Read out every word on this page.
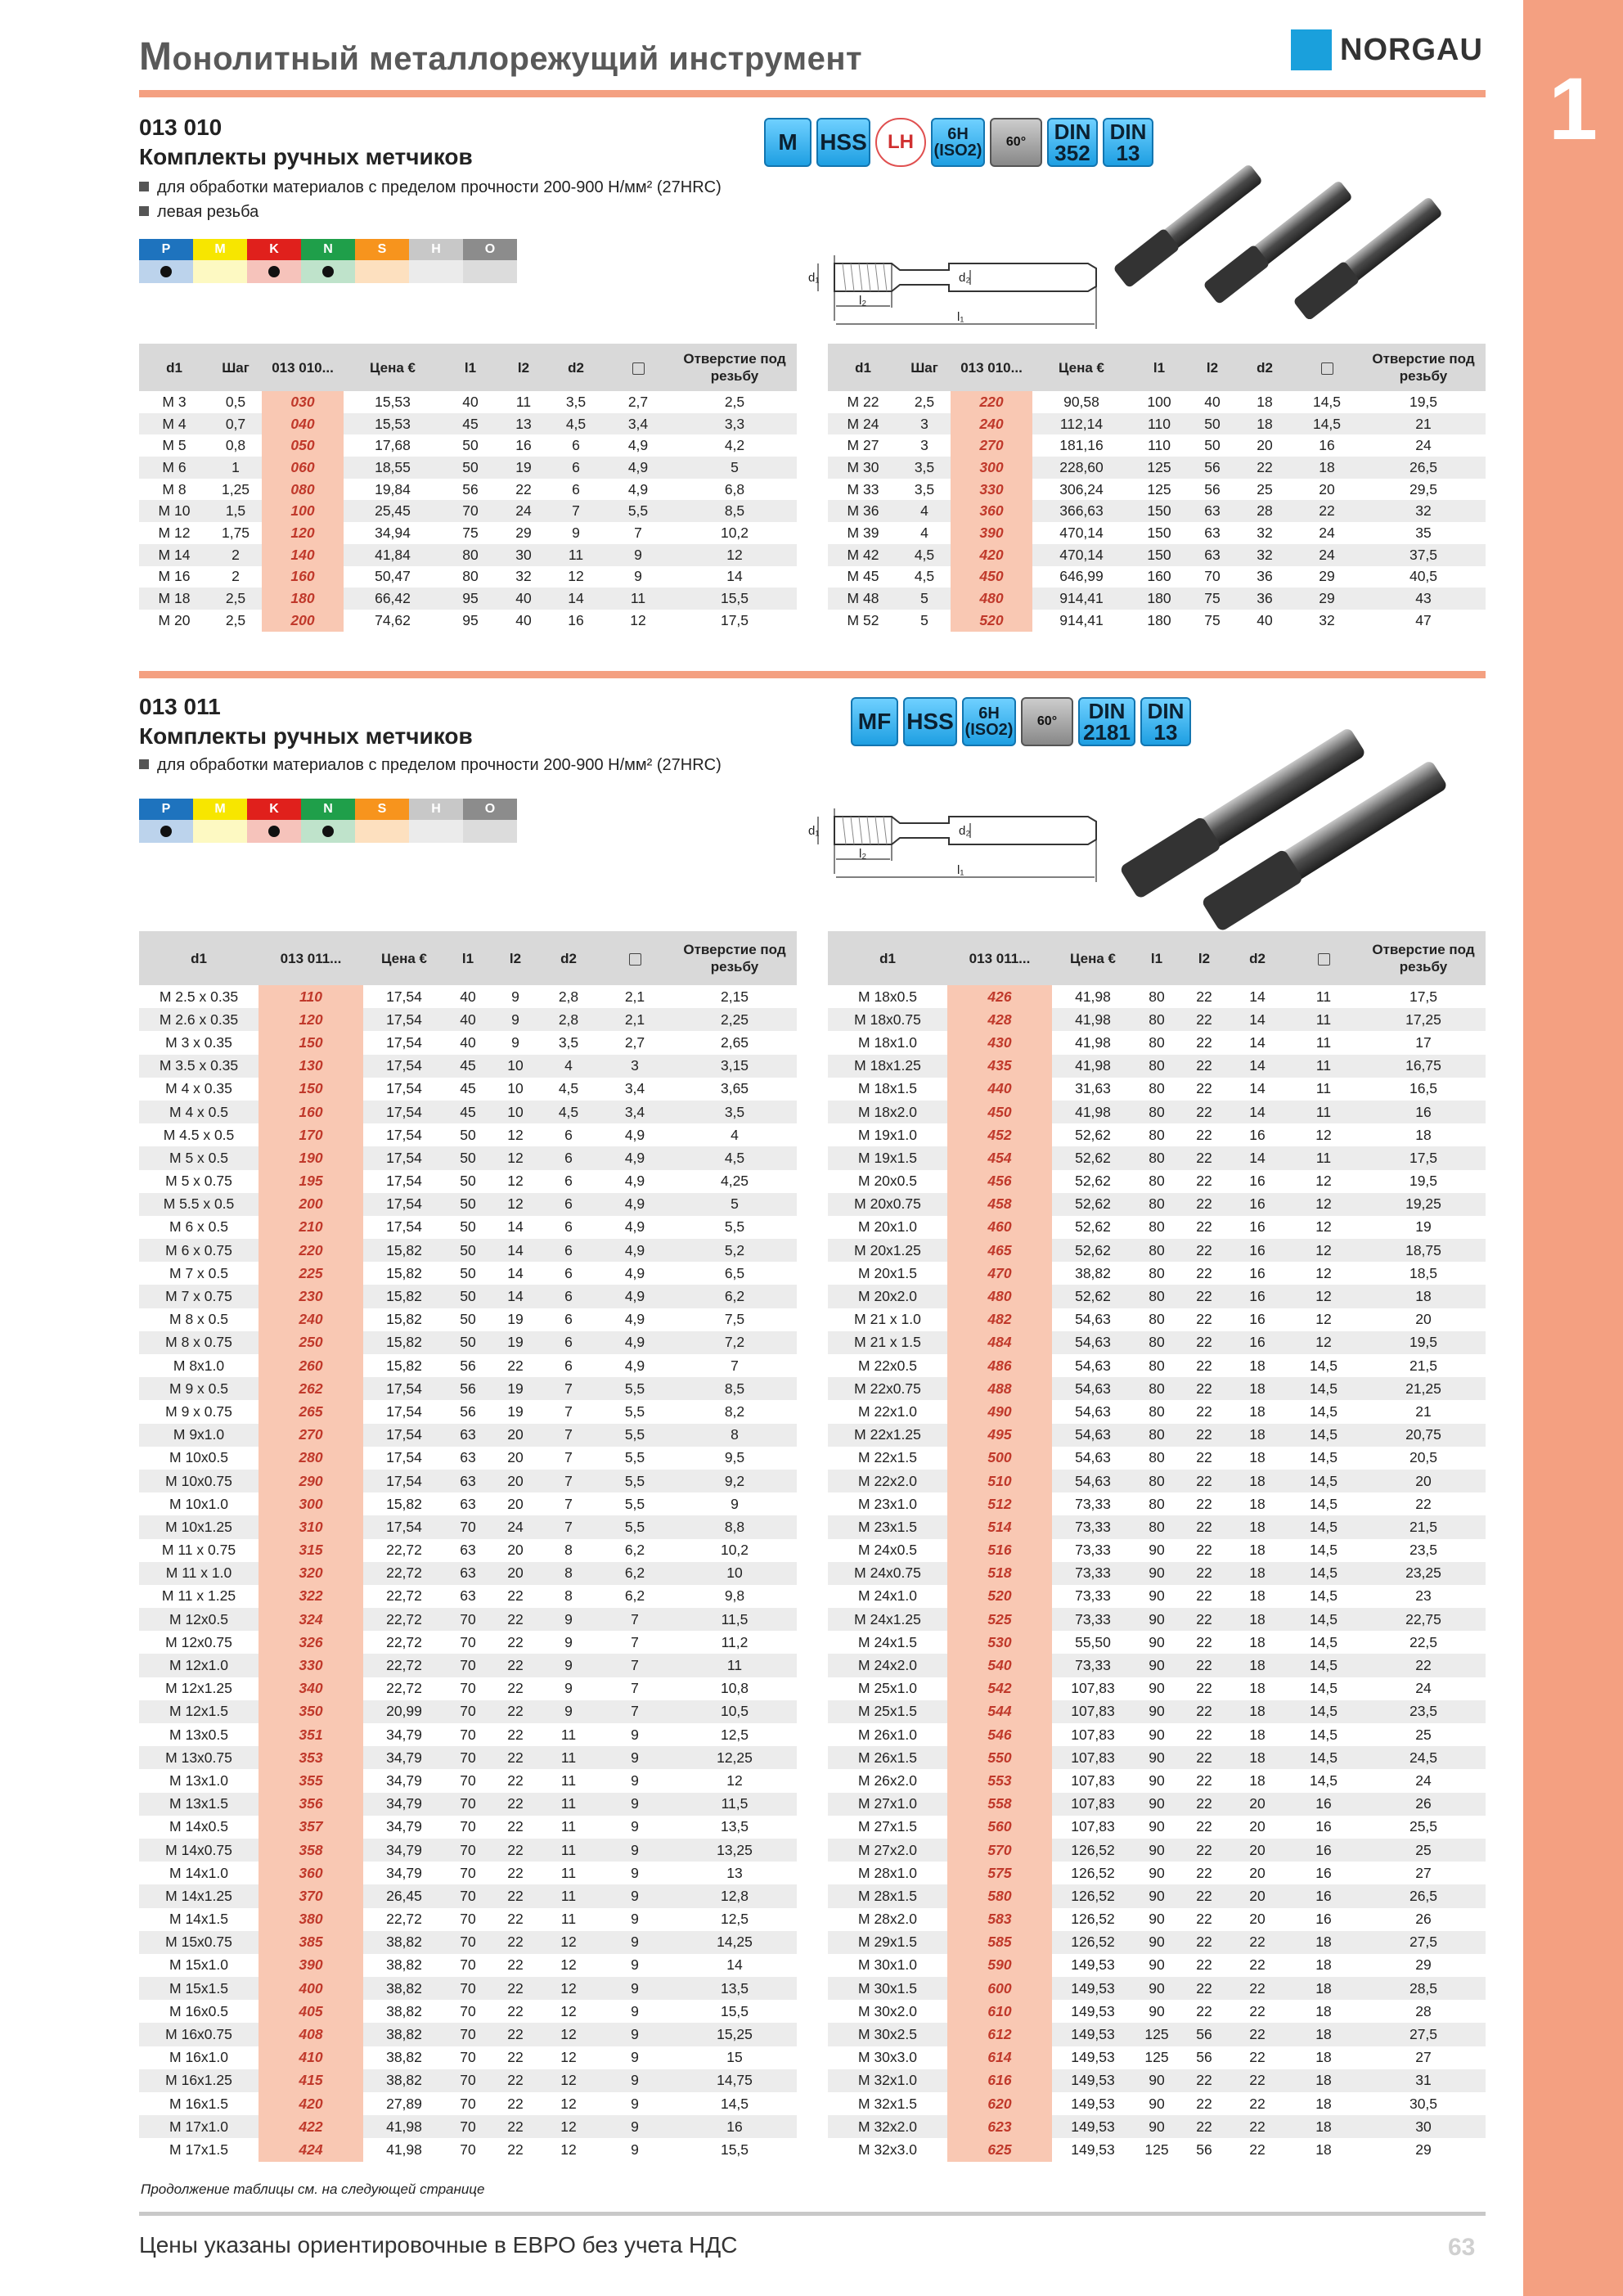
1
Монолитный металлорежущий инструмент	NORGAU
013 010
Комплекты ручных метчиков
для обработки материалов с пределом прочности 200-900 Н/мм² (27HRC)
левая резьба
M HSS	LH	6H
(ISO2)	60°	DIN
352
DIN
13
P	M	K	N	S	H	O
d₁	d₂
l₂
l₁
d1	Шаг	013 010...	Цена €	l1	l2	d2		Отверстие под резьбу
M 3	0,5	030	15,53	40	11	3,5	2,7	2,5
M 4	0,7	040	15,53	45	13	4,5	3,4	3,3
M 5	0,8	050	17,68	50	16	6	4,9	4,2
M 6	1	060	18,55	50	19	6	4,9	5
M 8	1,25	080	19,84	56	22	6	4,9	6,8
M 10	1,5	100	25,45	70	24	7	5,5	8,5
M 12	1,75	120	34,94	75	29	9	7	10,2
M 14	2	140	41,84	80	30	11	9	12
M 16	2	160	50,47	80	32	12	9	14
M 18	2,5	180	66,42	95	40	14	11	15,5
M 20	2,5	200	74,62	95	40	16	12	17,5
d1	Шаг	013 010...	Цена €	l1	l2	d2		Отверстие под резьбу
M 22	2,5	220	90,58	100	40	18	14,5	19,5
M 24	3	240	112,14	110	50	18	14,5	21
M 27	3	270	181,16	110	50	20	16	24
M 30	3,5	300	228,60	125	56	22	18	26,5
M 33	3,5	330	306,24	125	56	25	20	29,5
M 36	4	360	366,63	150	63	28	22	32
M 39	4	390	470,14	150	63	32	24	35
M 42	4,5	420	470,14	150	63	32	24	37,5
M 45	4,5	450	646,99	160	70	36	29	40,5
M 48	5	480	914,41	180	75	36	29	43
M 52	5	520	914,41	180	75	40	32	47
013 011
Комплекты ручных метчиков
для обработки материалов с пределом прочности 200-900 Н/мм² (27HRC)
MF HSS 6H
(ISO2)	60°	DIN
2181
DIN
13
P	M	K	N	S	H	O
d₁	d₂
l₂
l₁
d1	013 011...	Цена €	l1	l2	d2		Отверстие под резьбу
M 2.5 x 0.35	110	17,54	40	9	2,8	2,1	2,15
M 2.6 x 0.35	120	17,54	40	9	2,8	2,1	2,25
M 3 x 0.35	150	17,54	40	9	3,5	2,7	2,65
M 3.5 x 0.35	130	17,54	45	10	4	3	3,15
M 4 x 0.35	150	17,54	45	10	4,5	3,4	3,65
M 4 x 0.5	160	17,54	45	10	4,5	3,4	3,5
M 4.5 x 0.5	170	17,54	50	12	6	4,9	4
M 5 x 0.5	190	17,54	50	12	6	4,9	4,5
M 5 x 0.75	195	17,54	50	12	6	4,9	4,25
M 5.5 x 0.5	200	17,54	50	12	6	4,9	5
M 6 x 0.5	210	17,54	50	14	6	4,9	5,5
M 6 x 0.75	220	15,82	50	14	6	4,9	5,2
M 7 x 0.5	225	15,82	50	14	6	4,9	6,5
M 7 x 0.75	230	15,82	50	14	6	4,9	6,2
M 8 x 0.5	240	15,82	50	19	6	4,9	7,5
M 8 x 0.75	250	15,82	50	19	6	4,9	7,2
M 8x1.0	260	15,82	56	22	6	4,9	7
M 9 x 0.5	262	17,54	56	19	7	5,5	8,5
M 9 x 0.75	265	17,54	56	19	7	5,5	8,2
M 9x1.0	270	17,54	63	20	7	5,5	8
M 10x0.5	280	17,54	63	20	7	5,5	9,5
M 10x0.75	290	17,54	63	20	7	5,5	9,2
M 10x1.0	300	15,82	63	20	7	5,5	9
M 10x1.25	310	17,54	70	24	7	5,5	8,8
M 11 x 0.75	315	22,72	63	20	8	6,2	10,2
M 11 x 1.0	320	22,72	63	20	8	6,2	10
M 11 x 1.25	322	22,72	63	22	8	6,2	9,8
M 12x0.5	324	22,72	70	22	9	7	11,5
M 12x0.75	326	22,72	70	22	9	7	11,2
M 12x1.0	330	22,72	70	22	9	7	11
M 12x1.25	340	22,72	70	22	9	7	10,8
M 12x1.5	350	20,99	70	22	9	7	10,5
M 13x0.5	351	34,79	70	22	11	9	12,5
M 13x0.75	353	34,79	70	22	11	9	12,25
M 13x1.0	355	34,79	70	22	11	9	12
M 13x1.5	356	34,79	70	22	11	9	11,5
M 14x0.5	357	34,79	70	22	11	9	13,5
M 14x0.75	358	34,79	70	22	11	9	13,25
M 14x1.0	360	34,79	70	22	11	9	13
M 14x1.25	370	26,45	70	22	11	9	12,8
M 14x1.5	380	22,72	70	22	11	9	12,5
M 15x0.75	385	38,82	70	22	12	9	14,25
M 15x1.0	390	38,82	70	22	12	9	14
M 15x1.5	400	38,82	70	22	12	9	13,5
M 16x0.5	405	38,82	70	22	12	9	15,5
M 16x0.75	408	38,82	70	22	12	9	15,25
M 16x1.0	410	38,82	70	22	12	9	15
M 16x1.25	415	38,82	70	22	12	9	14,75
M 16x1.5	420	27,89	70	22	12	9	14,5
M 17x1.0	422	41,98	70	22	12	9	16
M 17x1.5	424	41,98	70	22	12	9	15,5
d1	013 011...	Цена €	l1	l2	d2		Отверстие под резьбу
M 18x0.5	426	41,98	80	22	14	11	17,5
M 18x0.75	428	41,98	80	22	14	11	17,25
M 18x1.0	430	41,98	80	22	14	11	17
M 18x1.25	435	41,98	80	22	14	11	16,75
M 18x1.5	440	31,63	80	22	14	11	16,5
M 18x2.0	450	41,98	80	22	14	11	16
M 19x1.0	452	52,62	80	22	16	12	18
M 19x1.5	454	52,62	80	22	14	11	17,5
M 20x0.5	456	52,62	80	22	16	12	19,5
M 20x0.75	458	52,62	80	22	16	12	19,25
M 20x1.0	460	52,62	80	22	16	12	19
M 20x1.25	465	52,62	80	22	16	12	18,75
M 20x1.5	470	38,82	80	22	16	12	18,5
M 20x2.0	480	52,62	80	22	16	12	18
M 21 x 1.0	482	54,63	80	22	16	12	20
M 21 x 1.5	484	54,63	80	22	16	12	19,5
M 22x0.5	486	54,63	80	22	18	14,5	21,5
M 22x0.75	488	54,63	80	22	18	14,5	21,25
M 22x1.0	490	54,63	80	22	18	14,5	21
M 22x1.25	495	54,63	80	22	18	14,5	20,75
M 22x1.5	500	54,63	80	22	18	14,5	20,5
M 22x2.0	510	54,63	80	22	18	14,5	20
M 23x1.0	512	73,33	80	22	18	14,5	22
M 23x1.5	514	73,33	80	22	18	14,5	21,5
M 24x0.5	516	73,33	90	22	18	14,5	23,5
M 24x0.75	518	73,33	90	22	18	14,5	23,25
M 24x1.0	520	73,33	90	22	18	14,5	23
M 24x1.25	525	73,33	90	22	18	14,5	22,75
M 24x1.5	530	55,50	90	22	18	14,5	22,5
M 24x2.0	540	73,33	90	22	18	14,5	22
M 25x1.0	542	107,83	90	22	18	14,5	24
M 25x1.5	544	107,83	90	22	18	14,5	23,5
M 26x1.0	546	107,83	90	22	18	14,5	25
M 26x1.5	550	107,83	90	22	18	14,5	24,5
M 26x2.0	553	107,83	90	22	18	14,5	24
M 27x1.0	558	107,83	90	22	20	16	26
M 27x1.5	560	107,83	90	22	20	16	25,5
M 27x2.0	570	126,52	90	22	20	16	25
M 28x1.0	575	126,52	90	22	20	16	27
M 28x1.5	580	126,52	90	22	20	16	26,5
M 28x2.0	583	126,52	90	22	20	16	26
M 29x1.5	585	126,52	90	22	22	18	27,5
M 30x1.0	590	149,53	90	22	22	18	29
M 30x1.5	600	149,53	90	22	22	18	28,5
M 30x2.0	610	149,53	90	22	22	18	28
M 30x2.5	612	149,53	125	56	22	18	27,5
M 30x3.0	614	149,53	125	56	22	18	27
M 32x1.0	616	149,53	90	22	22	18	31
M 32x1.5	620	149,53	90	22	22	18	30,5
M 32x2.0	623	149,53	90	22	22	18	30
M 32x3.0	625	149,53	125	56	22	18	29
Продолжение таблицы см. на следующей странице
Цены указаны ориентировочные в ЕВРО без учета НДС	63
